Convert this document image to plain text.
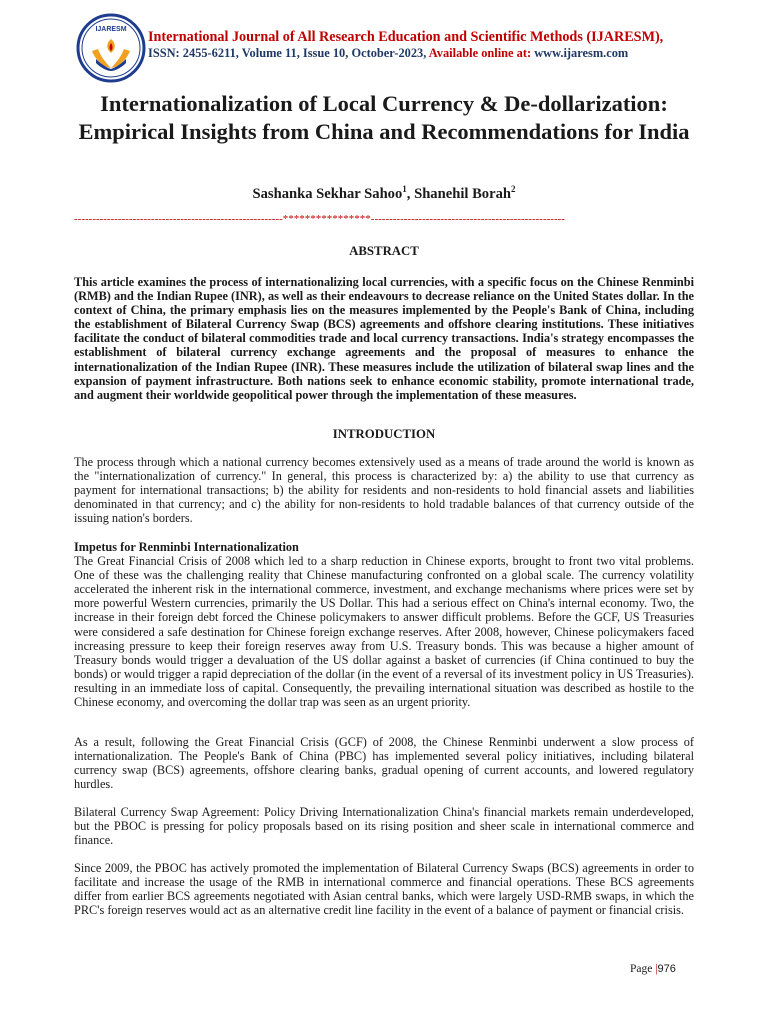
IJARESM International Journal of All Research Education and Scientific Methods (IJARESM),
ISSN: 2455-6211, Volume 11, Issue 10, October-2023, Available online at: www.ijaresm.com
Internationalization of Local Currency & De-dollarization: Empirical Insights from China and Recommendations for India
Sashanka Sekhar Sahoo$^1$, Shanehil Borah$^2$
---------------------------------------------------------****************-----------------------------------------------------
ABSTRACT
This article examines the process of internationalizing local currencies, with a specific focus on the Chinese Renminbi (RMB) and the Indian Rupee (INR), as well as their endeavours to decrease reliance on the United States dollar. In the context of China, the primary emphasis lies on the measures implemented by the People's Bank of China, including the establishment of Bilateral Currency Swap (BCS) agreements and offshore clearing institutions. These initiatives facilitate the conduct of bilateral commodities trade and local currency transactions. India's strategy encompasses the establishment of bilateral currency exchange agreements and the proposal of measures to enhance the internationalization of the Indian Rupee (INR). These measures include the utilization of bilateral swap lines and the expansion of payment infrastructure. Both nations seek to enhance economic stability, promote international trade, and augment their worldwide geopolitical power through the implementation of these measures.
INTRODUCTION
The process through which a national currency becomes extensively used as a means of trade around the world is known as the "internationalization of currency." In general, this process is characterized by: a) the ability to use that currency as payment for international transactions; b) the ability for residents and non-residents to hold financial assets and liabilities denominated in that currency; and c) the ability for non-residents to hold tradable balances of that currency outside of the issuing nation's borders.
Impetus for Renminbi Internationalization
The Great Financial Crisis of 2008 which led to a sharp reduction in Chinese exports, brought to front two vital problems. One of these was the challenging reality that Chinese manufacturing confronted on a global scale. The currency volatility accelerated the inherent risk in the international commerce, investment, and exchange mechanisms where prices were set by more powerful Western currencies, primarily the US Dollar. This had a serious effect on China's internal economy. Two, the increase in their foreign debt forced the Chinese policymakers to answer difficult problems. Before the GCF, US Treasuries were considered a safe destination for Chinese foreign exchange reserves. After 2008, however, Chinese policymakers faced increasing pressure to keep their foreign reserves away from U.S. Treasury bonds. This was because a higher amount of Treasury bonds would trigger a devaluation of the US dollar against a basket of currencies (if China continued to buy the bonds) or would trigger a rapid depreciation of the dollar (in the event of a reversal of its investment policy in US Treasuries). resulting in an immediate loss of capital. Consequently, the prevailing international situation was described as hostile to the Chinese economy, and overcoming the dollar trap was seen as an urgent priority.
As a result, following the Great Financial Crisis (GCF) of 2008, the Chinese Renminbi underwent a slow process of internationalization. The People's Bank of China (PBC) has implemented several policy initiatives, including bilateral currency swap (BCS) agreements, offshore clearing banks, gradual opening of current accounts, and lowered regulatory hurdles.
Bilateral Currency Swap Agreement: Policy Driving Internationalization China's financial markets remain underdeveloped, but the PBOC is pressing for policy proposals based on its rising position and sheer scale in international commerce and finance.
Since 2009, the PBOC has actively promoted the implementation of Bilateral Currency Swaps (BCS) agreements in order to facilitate and increase the usage of the RMB in international commerce and financial operations. These BCS agreements differ from earlier BCS agreements negotiated with Asian central banks, which were largely USD-RMB swaps, in which the PRC's foreign reserves would act as an alternative credit line facility in the event of a balance of payment or financial crisis.
Page |976
